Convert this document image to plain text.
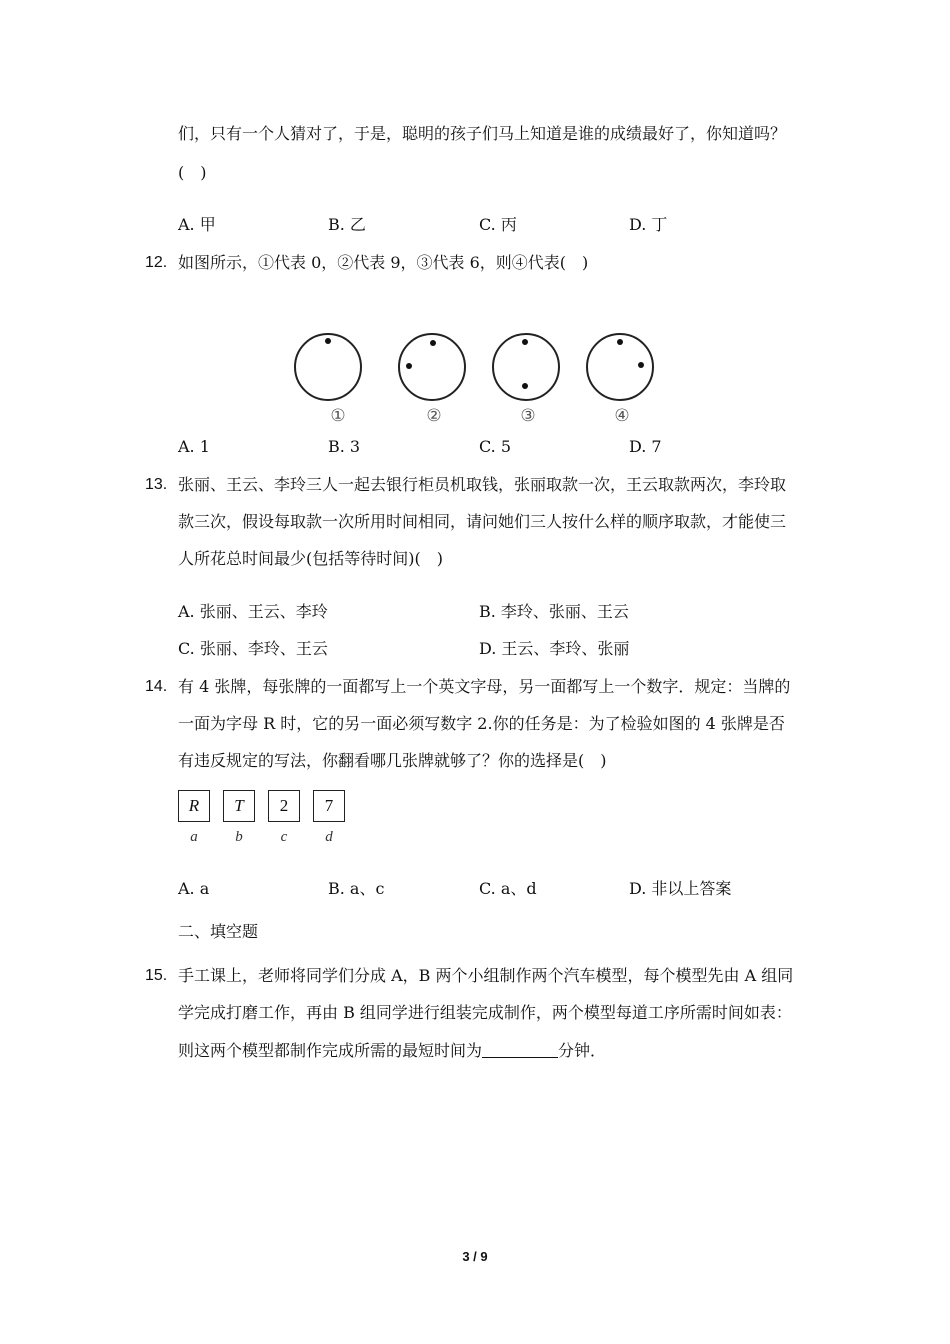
们，只有一个人猜对了，于是，聪明的孩子们马上知道是谁的成绩最好了，你知道吗？
(　)
A. 甲	B. 乙	C. 丙	D. 丁
12. 如图所示，①代表 0，②代表 9，③代表 6，则④代表(　)
①	②	③	④
A. 1	B. 3	C. 5	D. 7
13. 张丽、王云、李玲三人一起去银行柜员机取钱，张丽取款一次，王云取款两次，李玲取
款三次，假设每取款一次所用时间相同，请问她们三人按什么样的顺序取款，才能使三
人所花总时间最少(包括等待时间)(　)
A. 张丽、王云、李玲	B. 李玲、张丽、王云
C. 张丽、李玲、王云	D. 王云、李玲、张丽
14. 有 4 张牌，每张牌的一面都写上一个英文字母，另一面都写上一个数字．规定：当牌的
一面为字母 R 时，它的另一面必须写数字 2.你的任务是：为了检验如图的 4 张牌是否
有违反规定的写法，你翻看哪几张牌就够了？你的选择是(　)
R	T	2	7
a	b	c	d
A. a	B. a、c	C. a、d	D. 非以上答案
二、填空题
15. 手工课上，老师将同学们分成 A，B 两个小组制作两个汽车模型，每个模型先由 A 组同
学完成打磨工作，再由 B 组同学进行组装完成制作，两个模型每道工序所需时间如表：
则这两个模型都制作完成所需的最短时间为	分钟．
3 / 9
